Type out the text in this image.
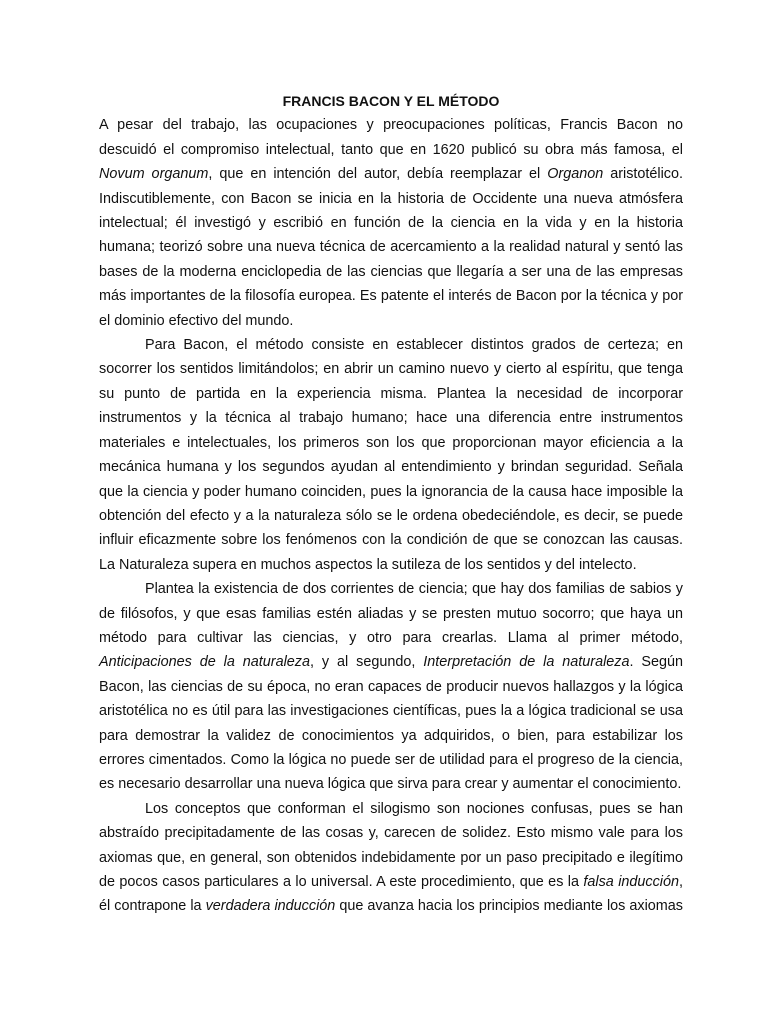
FRANCIS BACON Y EL MÉTODO

A pesar del trabajo, las ocupaciones y preocupaciones políticas, Francis Bacon no descuidó el compromiso intelectual, tanto que en 1620 publicó su obra más famosa, el Novum organum, que en intención del autor, debía reemplazar el Organon aristotélico. Indiscutiblemente, con Bacon se inicia en la historia de Occidente una nueva atmósfera intelectual; él investigó y escribió en función de la ciencia en la vida y en la historia humana; teorizó sobre una nueva técnica de acercamiento a la realidad natural y sentó las bases de la moderna enciclopedia de las ciencias que llegaría a ser una de las empresas más importantes de la filosofía europea. Es patente el interés de Bacon por la técnica y por el dominio efectivo del mundo.

Para Bacon, el método consiste en establecer distintos grados de certeza; en socorrer los sentidos limitándolos; en abrir un camino nuevo y cierto al espíritu, que tenga su punto de partida en la experiencia misma. Plantea la necesidad de incorporar instrumentos y la técnica al trabajo humano; hace una diferencia entre instrumentos materiales e intelectuales, los primeros son los que proporcionan mayor eficiencia a la mecánica humana y los segundos ayudan al entendimiento y brindan seguridad. Señala que la ciencia y poder humano coinciden, pues la ignorancia de la causa hace imposible la obtención del efecto y a la naturaleza sólo se le ordena obedeciéndole, es decir, se puede influir eficazmente sobre los fenómenos con la condición de que se conozcan las causas. La Naturaleza supera en muchos aspectos la sutileza de los sentidos y del intelecto.

Plantea la existencia de dos corrientes de ciencia; que hay dos familias de sabios y de filósofos, y que esas familias estén aliadas y se presten mutuo socorro; que haya un método para cultivar las ciencias, y otro para crearlas. Llama al primer método, Anticipaciones de la naturaleza, y al segundo, Interpretación de la naturaleza. Según Bacon, las ciencias de su época, no eran capaces de producir nuevos hallazgos y la lógica aristotélica no es útil para las investigaciones científicas, pues la a lógica tradicional se usa para demostrar la validez de conocimientos ya adquiridos, o bien, para estabilizar los errores cimentados. Como la lógica no puede ser de utilidad para el progreso de la ciencia, es necesario desarrollar una nueva lógica que sirva para crear y aumentar el conocimiento.

Los conceptos que conforman el silogismo son nociones confusas, pues se han abstraído precipitadamente de las cosas y, carecen de solidez. Esto mismo vale para los axiomas que, en general, son obtenidos indebidamente por un paso precipitado e ilegítimo de pocos casos particulares a lo universal. A este procedimiento, que es la falsa inducción, él contrapone la verdadera inducción que avanza hacia los principios mediante los axiomas
